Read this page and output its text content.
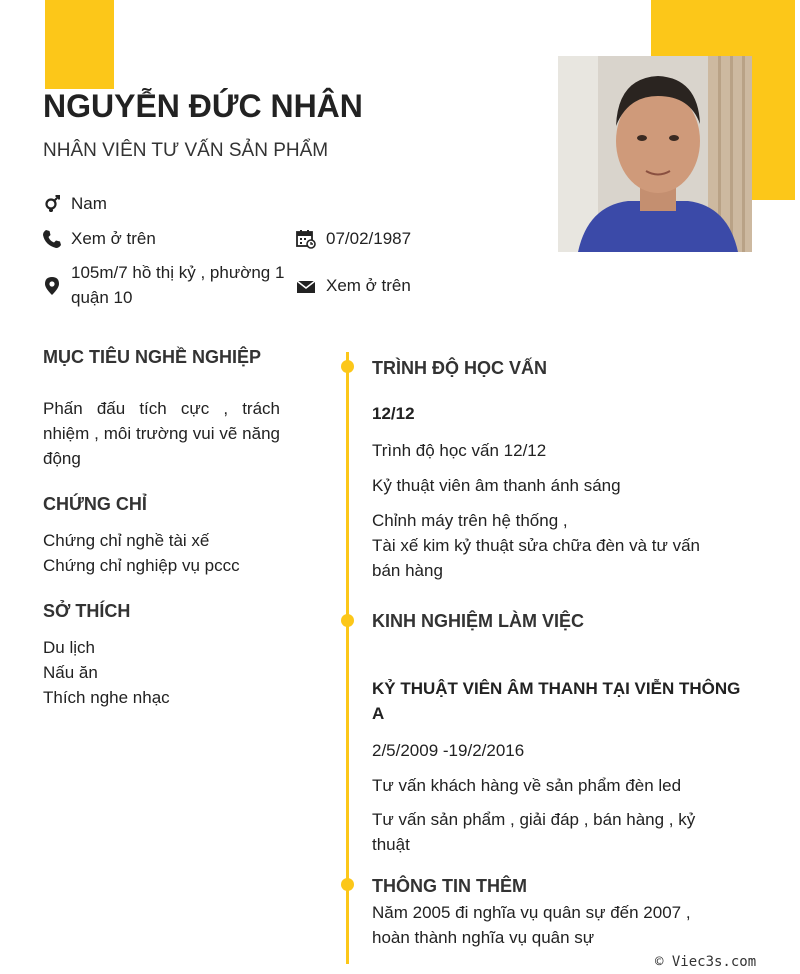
NGUYỄN ĐỨC NHÂN
NHÂN VIÊN TƯ VẤN SẢN PHẨM
Nam
Xem ở trên	07/02/1987
105m/7 hồ thị kỷ , phường 1
quận 10
Xem ở trên
MỤC TIÊU NGHỀ NGHIỆP
Phấn đấu tích cực , trách
nhiệm , môi trường vui vẽ năng
động
CHỨNG CHỈ
Chứng chỉ nghề tài xế
Chứng chỉ nghiệp vụ pccc
SỞ THÍCH
Du lịch
Nấu ăn
Thích nghe nhạc
TRÌNH ĐỘ HỌC VẤN
12/12
Trình độ học vấn 12/12
Kỷ thuật viên âm thanh ánh sáng
Chỉnh máy trên hệ thống ,
Tài xế kim kỷ thuật sửa chữa đèn và tư vấn
bán hàng
KINH NGHIỆM LÀM VIỆC
KỶ THUẬT VIÊN ÂM THANH TẠI VIỄN THÔNG
A
2/5/2009 -19/2/2016
Tư vấn khách hàng về sản phẩm đèn led
Tư vấn sản phẩm , giải đáp , bán hàng , kỷ
thuật
THÔNG TIN THÊM
Năm 2005 đi nghĩa vụ quân sự đến 2007 ,
hoàn thành nghĩa vụ quân sự
© Viec3s.com
